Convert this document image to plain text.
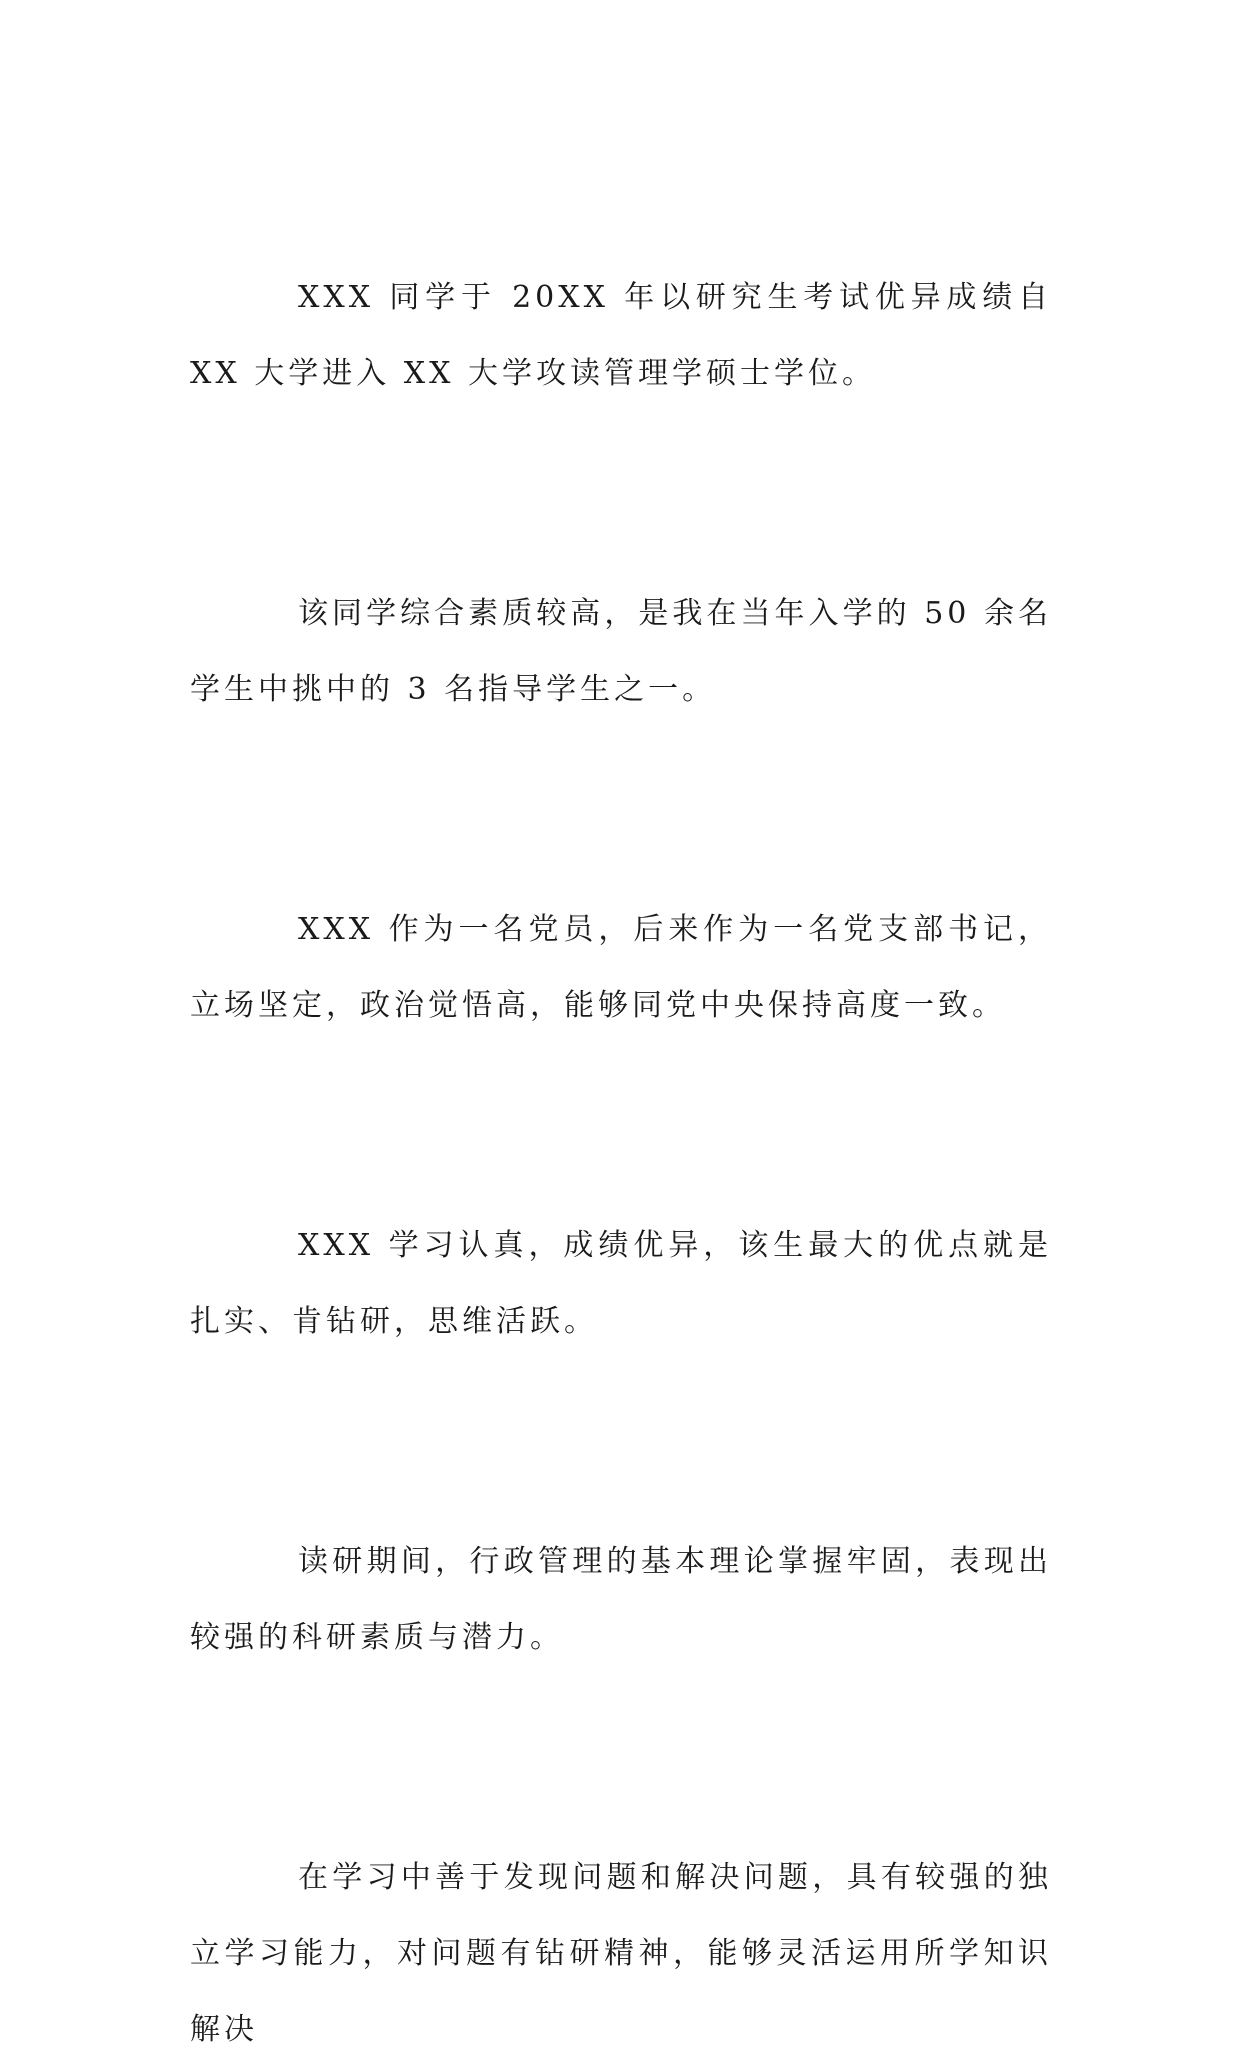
XXX 同学于 20XX 年以研究生考试优异成绩自 XX 大学进入 XX 大学攻读管理学硕士学位。

该同学综合素质较高，是我在当年入学的 50 余名学生中挑中的 3 名指导学生之一。

XXX 作为一名党员，后来作为一名党支部书记，立场坚定，政治觉悟高，能够同党中央保持高度一致。

XXX 学习认真，成绩优异，该生最大的优点就是扎实、肯钻研，思维活跃。

读研期间，行政管理的基本理论掌握牢固，表现出较强的科研素质与潜力。

在学习中善于发现问题和解决问题，具有较强的独立学习能力，对问题有钻研精神，能够灵活运用所学知识解决
